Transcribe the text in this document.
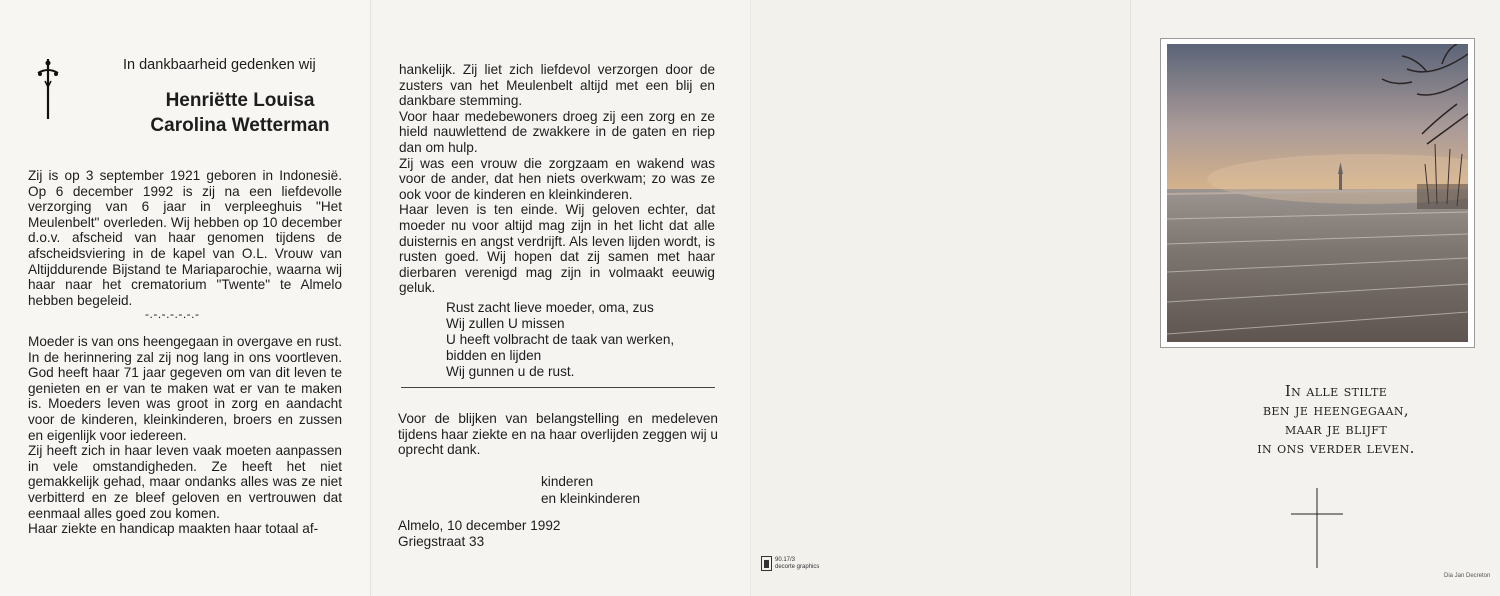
In dankbaarheid gedenken wij
Henriëtte Louisa
Carolina Wetterman

Zij is op 3 september 1921 geboren in Indonesië. Op 6 december 1992 is zij na een liefdevolle verzorging van 6 jaar in verpleeghuis "Het Meulenbelt" overleden. Wij hebben op 10 december d.o.v. afscheid van haar genomen tijdens de afscheidsviering in de kapel van O.L. Vrouw van Altijddurende Bijstand te Mariaparochie, waarna wij haar naar het crematorium "Twente" te Almelo hebben begeleid.

-.-.-.-.-.-.-

Moeder is van ons heengegaan in overgave en rust. In de herinnering zal zij nog lang in ons voortleven. God heeft haar 71 jaar gegeven om van dit leven te genieten en er van te maken wat er van te maken is. Moeders leven was groot in zorg en aandacht voor de kinderen, kleinkinderen, broers en zussen en eigenlijk voor iedereen.

Zij heeft zich in haar leven vaak moeten aanpassen in vele omstandigheden. Ze heeft het niet gemakkelijk gehad, maar ondanks alles was ze niet verbitterd en ze bleef geloven en vertrouwen dat eenmaal alles goed zou komen.

Haar ziekte en handicap maakten haar totaal af-

hankelijk. Zij liet zich liefdevol verzorgen door de zusters van het Meulenbelt altijd met een blij en dankbare stemming.

Voor haar medebewoners droeg zij een zorg en ze hield nauwlettend de zwakkere in de gaten en riep dan om hulp.

Zij was een vrouw die zorgzaam en wakend was voor de ander, dat hen niets overkwam; zo was ze ook voor de kinderen en kleinkinderen.

Haar leven is ten einde. Wij geloven echter, dat moeder nu voor altijd mag zijn in het licht dat alle duisternis en angst verdrijft. Als leven lijden wordt, is rusten goed. Wij hopen dat zij samen met haar dierbaren verenigd mag zijn in volmaakt eeuwig geluk.

Rust zacht lieve moeder, oma, zus
Wij zullen U missen
U heeft volbracht de taak van werken,
bidden en lijden
Wij gunnen u de rust.

Voor de blijken van belangstelling en medeleven tijdens haar ziekte en na haar overlijden zeggen wij u oprecht dank.

kinderen
en kleinkinderen
Almelo, 10 december 1992
Griegstraat 33
90.17/3
decorte graphics
In alle stilte
ben je heengegaan,
maar je blijft
in ons verder leven.
Dia Jan Decreton
